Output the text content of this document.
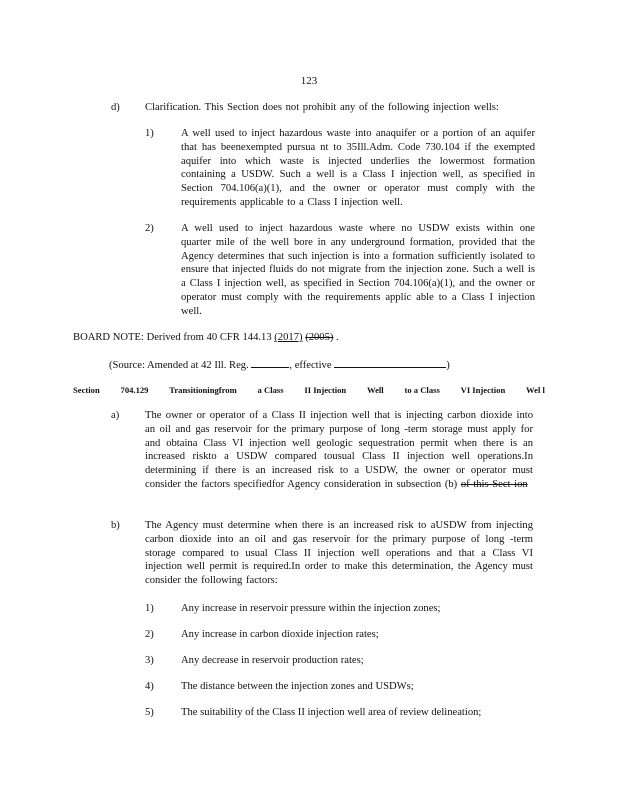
123
d) Clarification. This Section does not prohibit any of the following injection wells:
1)	A well used to inject hazardous waste into anaquifer or a portion of an aquifer that has beenexempted pursua nt to 35Ill.Adm. Code 730.104 if the exempted aquifer into which waste is injected underlies the lowermost formation containing a USDW. Such a well is a Class I injection well, as specified in Section 704.106(a)(1), and the owner or operator must comply with the requirements applicable to a Class I injection well.
2)	A well used to inject hazardous waste where no USDW exists within one quarter mile of the well bore in any underground formation, provided that the Agency determines that such injection is into a formation sufficiently isolated to ensure that injected fluids do not migrate from the injection zone. Such a well is a Class I injection well, as specified in Section 704.106(a)(1), and the owner or operator must comply with the requirements applic able to a Class I injection well.
BOARD NOTE: Derived from 40 CFR 144.13 (2017) (2005) .
(Source: Amended at 42 Ill. Reg.	, effective	)
Section 704.129 Transitioningfrom a Class II Injection Well to a Class VI Injection Wel l
a) The owner or operator of a Class II injection well that is injecting carbon dioxide into an oil and gas reservoir for the primary purpose of long -term storage must apply for and obtaina Class VI injection well geologic sequestration permit when there is an increased riskto a USDW compared tousual Class II injection well operations.In determining if there is an increased risk to a USDW, the owner or operator must consider the factors specifiedfor Agency consideration in subsection (b) of this Sect ion
b) The Agency must determine when there is an increased risk to aUSDW from injecting carbon dioxide into an oil and gas reservoir for the primary purpose of long -term storage compared to usual Class II injection well operations and that a Class VI injection well permit is required.In order to make this determination, the Agency must consider the following factors:
1)	Any increase in reservoir pressure within the injection zones;
2)	Any increase in carbon dioxide injection rates;
3)	Any decrease in reservoir production rates;
4)	The distance between the injection zones and USDWs;
5)	The suitability of the Class II injection well area of review delineation;
